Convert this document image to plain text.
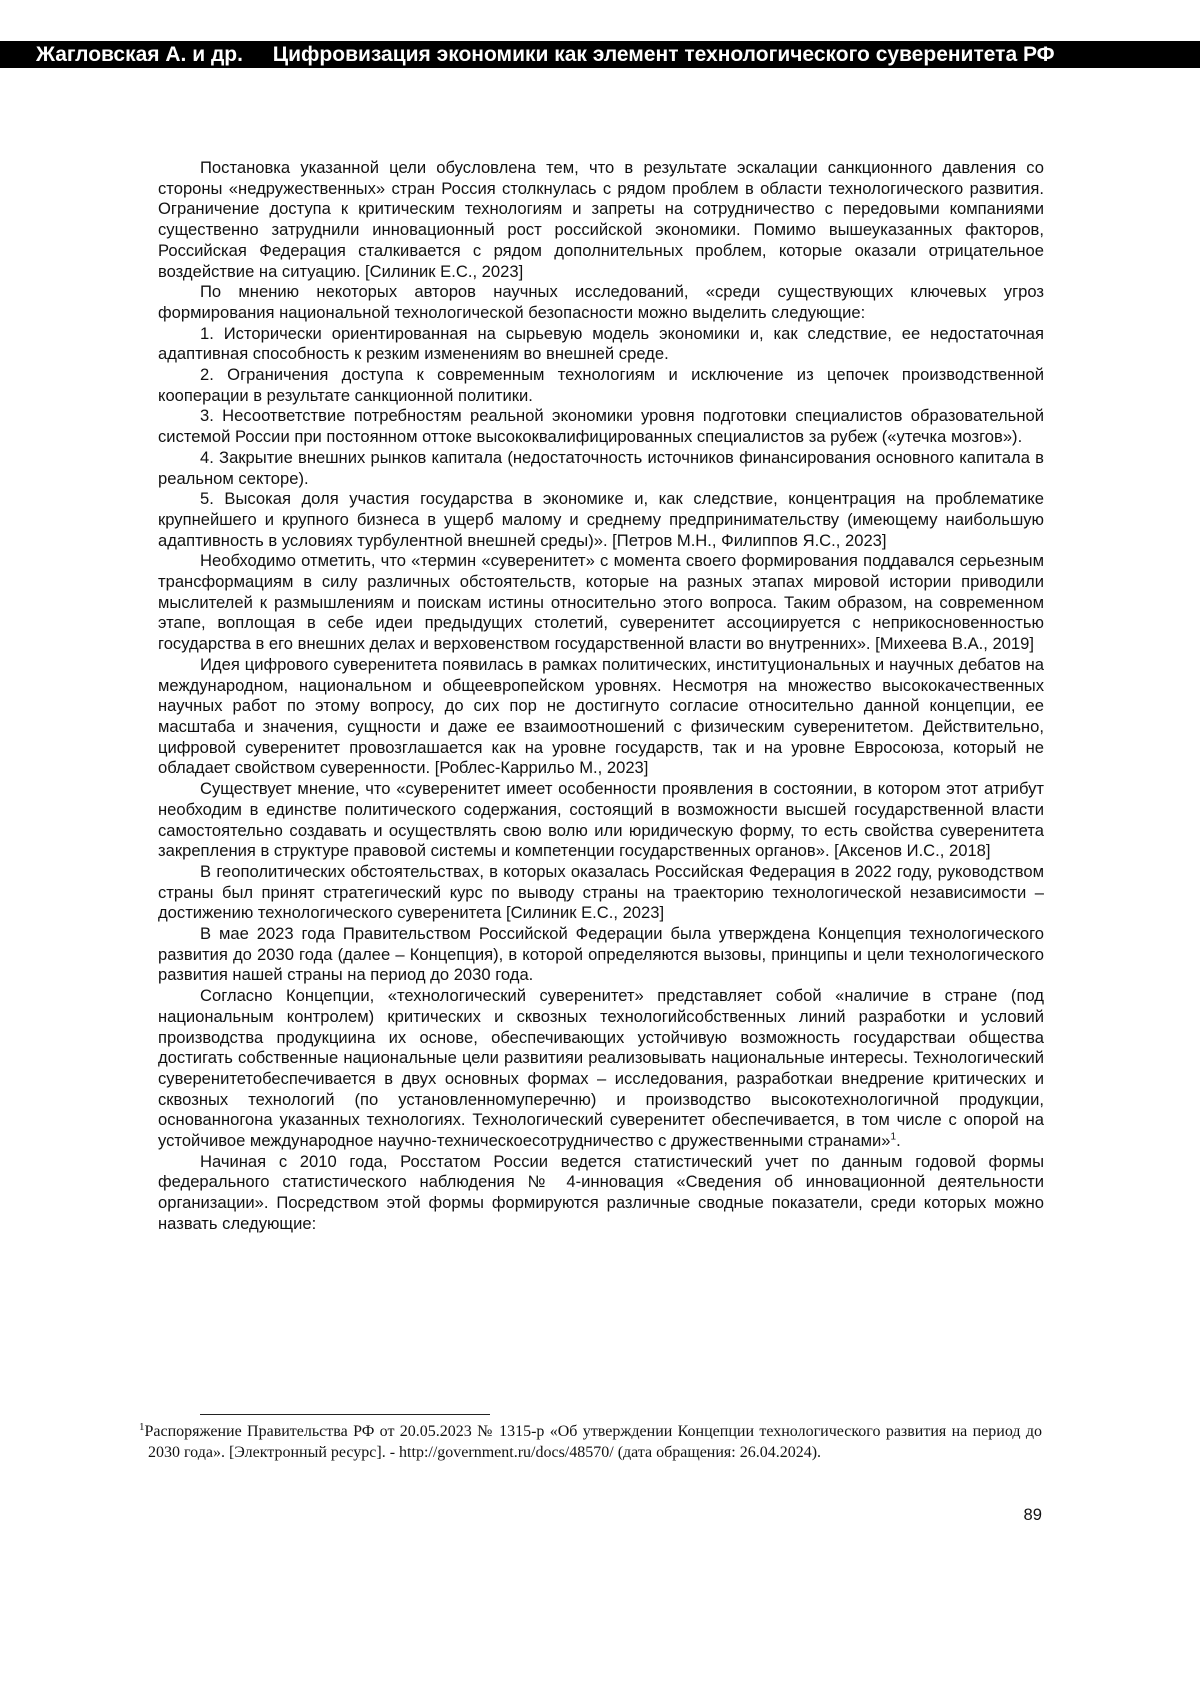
Жагловская А. и др. Цифровизация экономики как элемент технологического суверенитета РФ

Постановка указанной цели обусловлена тем, что в результате эскалации санкционного давления со стороны «недружественных» стран Россия столкнулась с рядом проблем в области технологического развития. Ограничение доступа к критическим технологиям и запреты на сотрудничество с передовыми компаниями существенно затруднили инновационный рост российской экономики. Помимо вышеуказанных факторов, Российская Федерация сталкивается с рядом дополнительных проблем, которые оказали отрицательное воздействие на ситуацию. [Силиник Е.С., 2023]

По мнению некоторых авторов научных исследований, «среди существующих ключевых угроз формирования национальной технологической безопасности можно выделить следующие:

1. Исторически ориентированная на сырьевую модель экономики и, как следствие, ее недостаточная адаптивная способность к резким изменениям во внешней среде.

2. Ограничения доступа к современным технологиям и исключение из цепочек производственной кооперации в результате санкционной политики.

3. Несоответствие потребностям реальной экономики уровня подготовки специалистов образовательной системой России при постоянном оттоке высококвалифицированных специалистов за рубеж («утечка мозгов»).

4. Закрытие внешних рынков капитала (недостаточность источников финансирования основного капитала в реальном секторе).

5. Высокая доля участия государства в экономике и, как следствие, концентрация на проблематике крупнейшего и крупного бизнеса в ущерб малому и среднему предпринимательству (имеющему наибольшую адаптивность в условиях турбулентной внешней среды)». [Петров М.Н., Филиппов Я.С., 2023]

Необходимо отметить, что «термин «суверенитет» с момента своего формирования поддавался серьезным трансформациям в силу различных обстоятельств, которые на разных этапах мировой истории приводили мыслителей к размышлениям и поискам истины относительно этого вопроса. Таким образом, на современном этапе, воплощая в себе идеи предыдущих столетий, суверенитет ассоциируется с неприкосновенностью государства в его внешних делах и верховенством государственной власти во внутренних». [Михеева В.А., 2019]

Идея цифрового суверенитета появилась в рамках политических, институциональных и научных дебатов на международном, национальном и общеевропейском уровнях. Несмотря на множество высококачественных научных работ по этому вопросу, до сих пор не достигнуто согласие относительно данной концепции, ее масштаба и значения, сущности и даже ее взаимоотношений с физическим суверенитетом. Действительно, цифровой суверенитет провозглашается как на уровне государств, так и на уровне Евросоюза, который не обладает свойством суверенности. [Роблес-Каррильо М., 2023]

Существует мнение, что «суверенитет имеет особенности проявления в состоянии, в котором этот атрибут необходим в единстве политического содержания, состоящий в возможности высшей государственной власти самостоятельно создавать и осуществлять свою волю или юридическую форму, то есть свойства суверенитета закрепления в структуре правовой системы и компетенции государственных органов». [Аксенов И.С., 2018]

В геополитических обстоятельствах, в которых оказалась Российская Федерация в 2022 году, руководством страны был принят стратегический курс по выводу страны на траекторию технологической независимости – достижению технологического суверенитета [Силиник Е.С., 2023]

В мае 2023 года Правительством Российской Федерации была утверждена Концепция технологического развития до 2030 года (далее – Концепция), в которой определяются вызовы, принципы и цели технологического развития нашей страны на период до 2030 года.

Согласно Концепции, «технологический суверенитет» представляет собой «наличие в стране (под национальным контролем) критических и сквозных технологийсобственных линий разработки и условий производства продукциина их основе, обеспечивающих устойчивую возможность государстваи общества достигать собственные национальные цели развитияи реализовывать национальные интересы. Технологический суверенитетобеспечивается в двух основных формах – исследования, разработкаи внедрение критических и сквозных технологий (по установленномуперечню) и производство высокотехнологичной продукции, основанногона указанных технологиях. Технологический суверенитет обеспечивается, в том числе с опорой на устойчивое международное научно-техническоесотрудничество с дружественными странами»$^1$.

Начиная с 2010 года, Росстатом России ведется статистический учет по данным годовой формы федерального статистического наблюдения № 4-инновация «Сведения об инновационной деятельности организации». Посредством этой формы формируются различные сводные показатели, среди которых можно назвать следующие:

$^1$Распоряжение Правительства РФ от 20.05.2023 № 1315-р «Об утверждении Концепции технологического развития на период до 2030 года». [Электронный ресурс]. - http://government.ru/docs/48570/ (дата обращения: 26.04.2024).
89
